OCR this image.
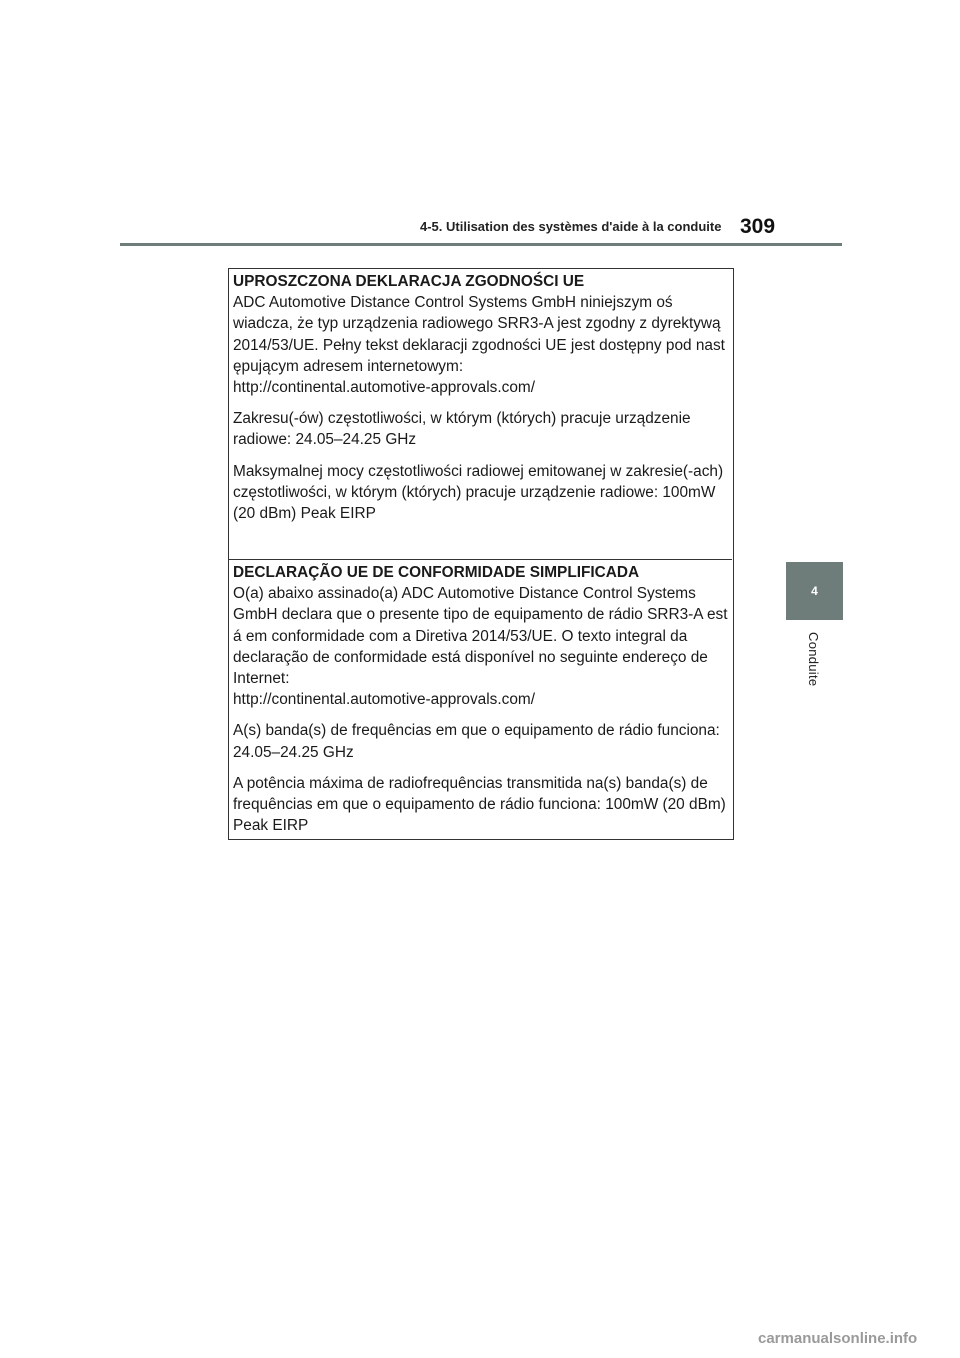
4-5. Utilisation des systèmes d'aide à la conduite 309
4
Conduite
UPROSZCZONA DEKLARACJA ZGODNOŚCI UE
ADC Automotive Distance Control Systems GmbH niniejszym oś
wiadcza, że typ urządzenia radiowego SRR3-A jest zgodny z dyrektywą
2014/53/UE. Pełny tekst deklaracji zgodności UE jest dostępny pod nast
ępującym adresem internetowym:
http://continental.automotive-approvals.com/
Zakresu(-ów) częstotliwości, w którym (których) pracuje urządzenie
radiowe: 24.05–24.25 GHz
Maksymalnej mocy częstotliwości radiowej emitowanej w zakresie(-ach)
częstotliwości, w którym (których) pracuje urządzenie radiowe: 100mW
(20 dBm) Peak EIRP
DECLARAÇÃO UE DE CONFORMIDADE SIMPLIFICADA
O(a) abaixo assinado(a) ADC Automotive Distance Control Systems
GmbH declara que o presente tipo de equipamento de rádio SRR3-A est
á em conformidade com a Diretiva 2014/53/UE. O texto integral da
declaração de conformidade está disponível no seguinte endereço de
Internet:
http://continental.automotive-approvals.com/
A(s) banda(s) de frequências em que o equipamento de rádio funciona:
24.05–24.25 GHz
A potência máxima de radiofrequências transmitida na(s) banda(s) de
frequências em que o equipamento de rádio funciona: 100mW (20 dBm)
Peak EIRP
carmanualsonline.info
